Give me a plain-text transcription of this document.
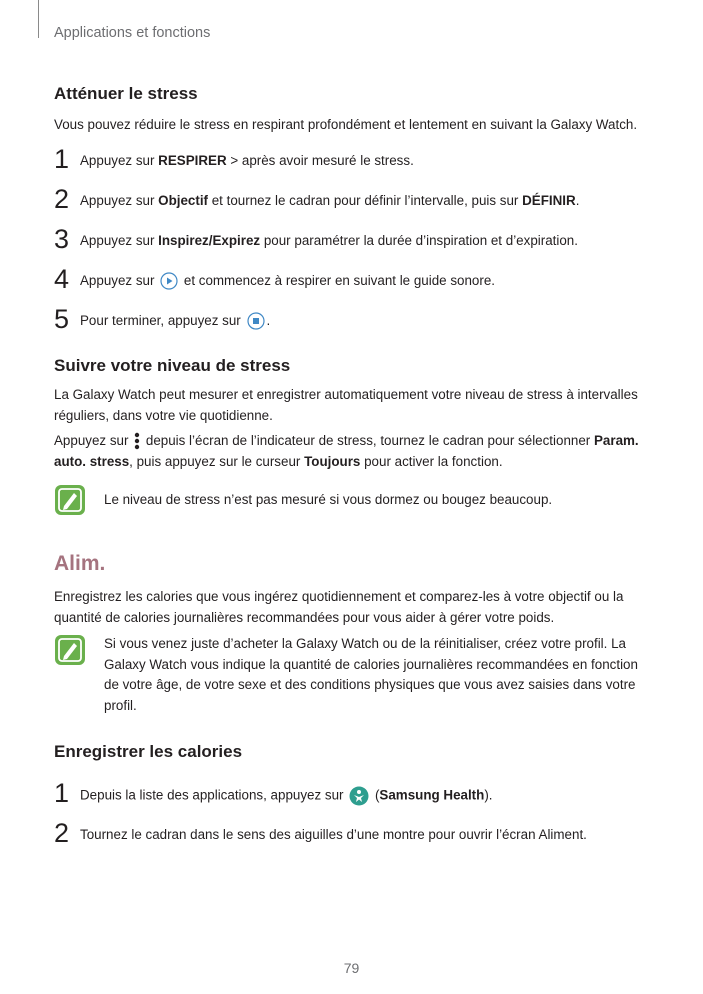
Applications et fonctions
Atténuer le stress

Vous pouvez réduire le stress en respirant profondément et lentement en suivant la Galaxy Watch.

1 Appuyez sur RESPIRER > après avoir mesuré le stress.
2 Appuyez sur Objectif et tournez le cadran pour définir l’intervalle, puis sur DÉFINIR.
3 Appuyez sur Inspirez/Expirez pour paramétrer la durée d’inspiration et d’expiration.
4 Appuyez sur  et commencez à respirer en suivant le guide sonore.
5 Pour terminer, appuyez sur .
Suivre votre niveau de stress

La Galaxy Watch peut mesurer et enregistrer automatiquement votre niveau de stress à intervalles réguliers, dans votre vie quotidienne.

Appuyez sur  depuis l’écran de l’indicateur de stress, tournez le cadran pour sélectionner Param. auto. stress, puis appuyez sur le curseur Toujours pour activer la fonction.

Le niveau de stress n’est pas mesuré si vous dormez ou bougez beaucoup.

Alim.

Enregistrez les calories que vous ingérez quotidiennement et comparez-les à votre objectif ou la quantité de calories journalières recommandées pour vous aider à gérer votre poids.

Si vous venez juste d’acheter la Galaxy Watch ou de la réinitialiser, créez votre profil. La Galaxy Watch vous indique la quantité de calories journalières recommandées en fonction de votre âge, de votre sexe et des conditions physiques que vous avez saisies dans votre profil.

Enregistrer les calories
1 Depuis la liste des applications, appuyez sur  (Samsung Health).
2 Tournez le cadran dans le sens des aiguilles d’une montre pour ouvrir l’écran Aliment.
79
